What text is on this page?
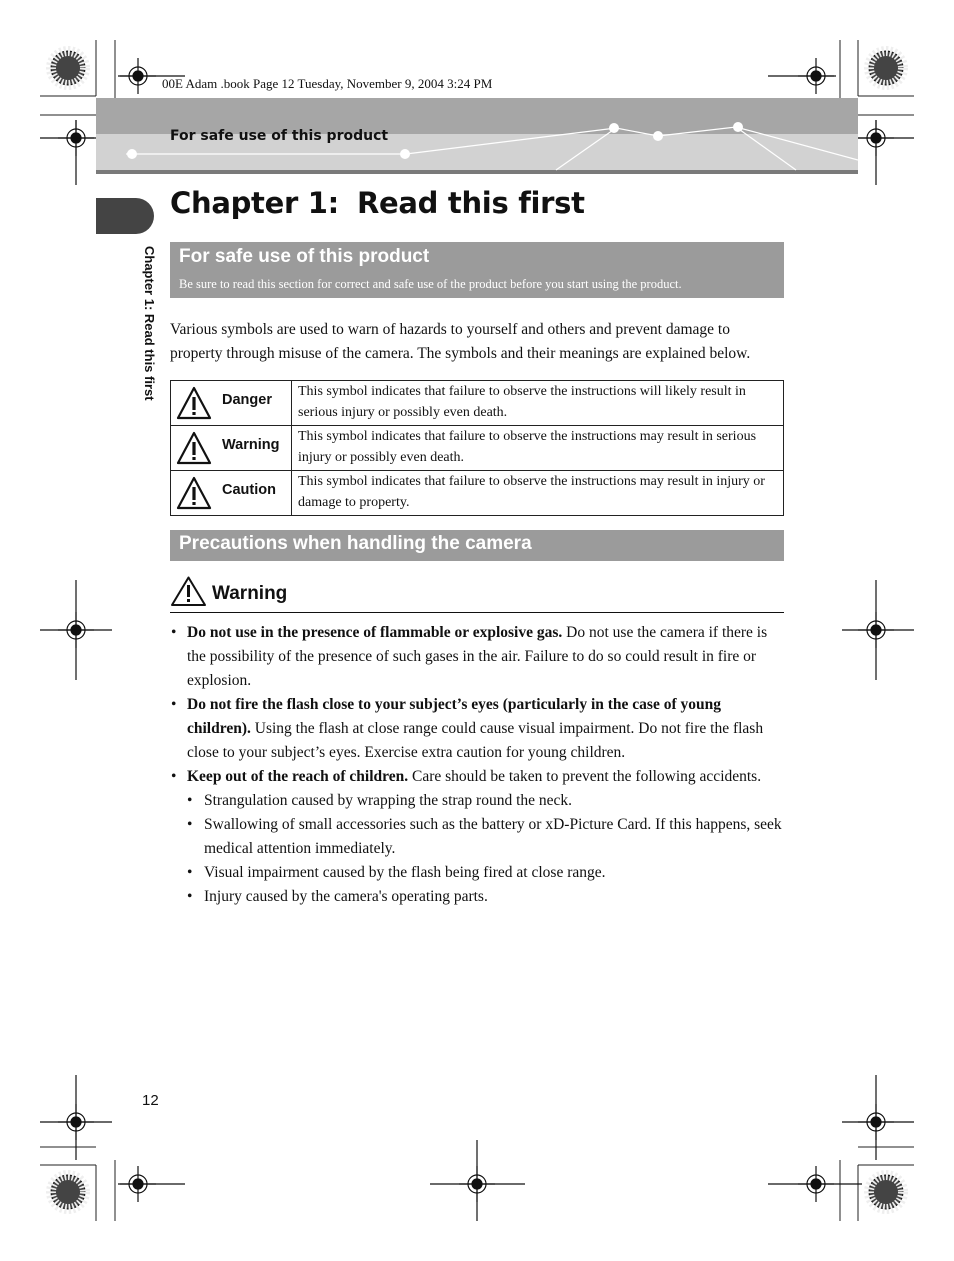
00E Adam .book Page 12 Tuesday, November 9, 2004 3:24 PM
For safe use of this product
Chapter 1: Read this first
Chapter 1: Read this first
For safe use of this product
Be sure to read this section for correct and safe use of the product before you start using the product.
Various symbols are used to warn of hazards to yourself and others and prevent damage to property through misuse of the camera. The symbols and their meanings are explained below.
Danger	This symbol indicates that failure to observe the instructions will likely result in serious injury or possibly even death.

Warning	This symbol indicates that failure to observe the instructions may result in serious injury or possibly even death.

Caution	This symbol indicates that failure to observe the instructions may result in injury or damage to property.
Precautions when handling the camera
Warning
• Do not use in the presence of flammable or explosive gas. Do not use the camera if there is the possibility of the presence of such gases in the air. Failure to do so could result in fire or explosion.
• Do not fire the flash close to your subject’s eyes (particularly in the case of young children). Using the flash at close range could cause visual impairment. Do not fire the flash close to your subject’s eyes. Exercise extra caution for young children.
• Keep out of the reach of children. Care should be taken to prevent the following accidents.
• Strangulation caused by wrapping the strap round the neck.
• Swallowing of small accessories such as the battery or xD-Picture Card. If this happens, seek medical attention immediately.
• Visual impairment caused by the flash being fired at close range.
• Injury caused by the camera's operating parts.
12
